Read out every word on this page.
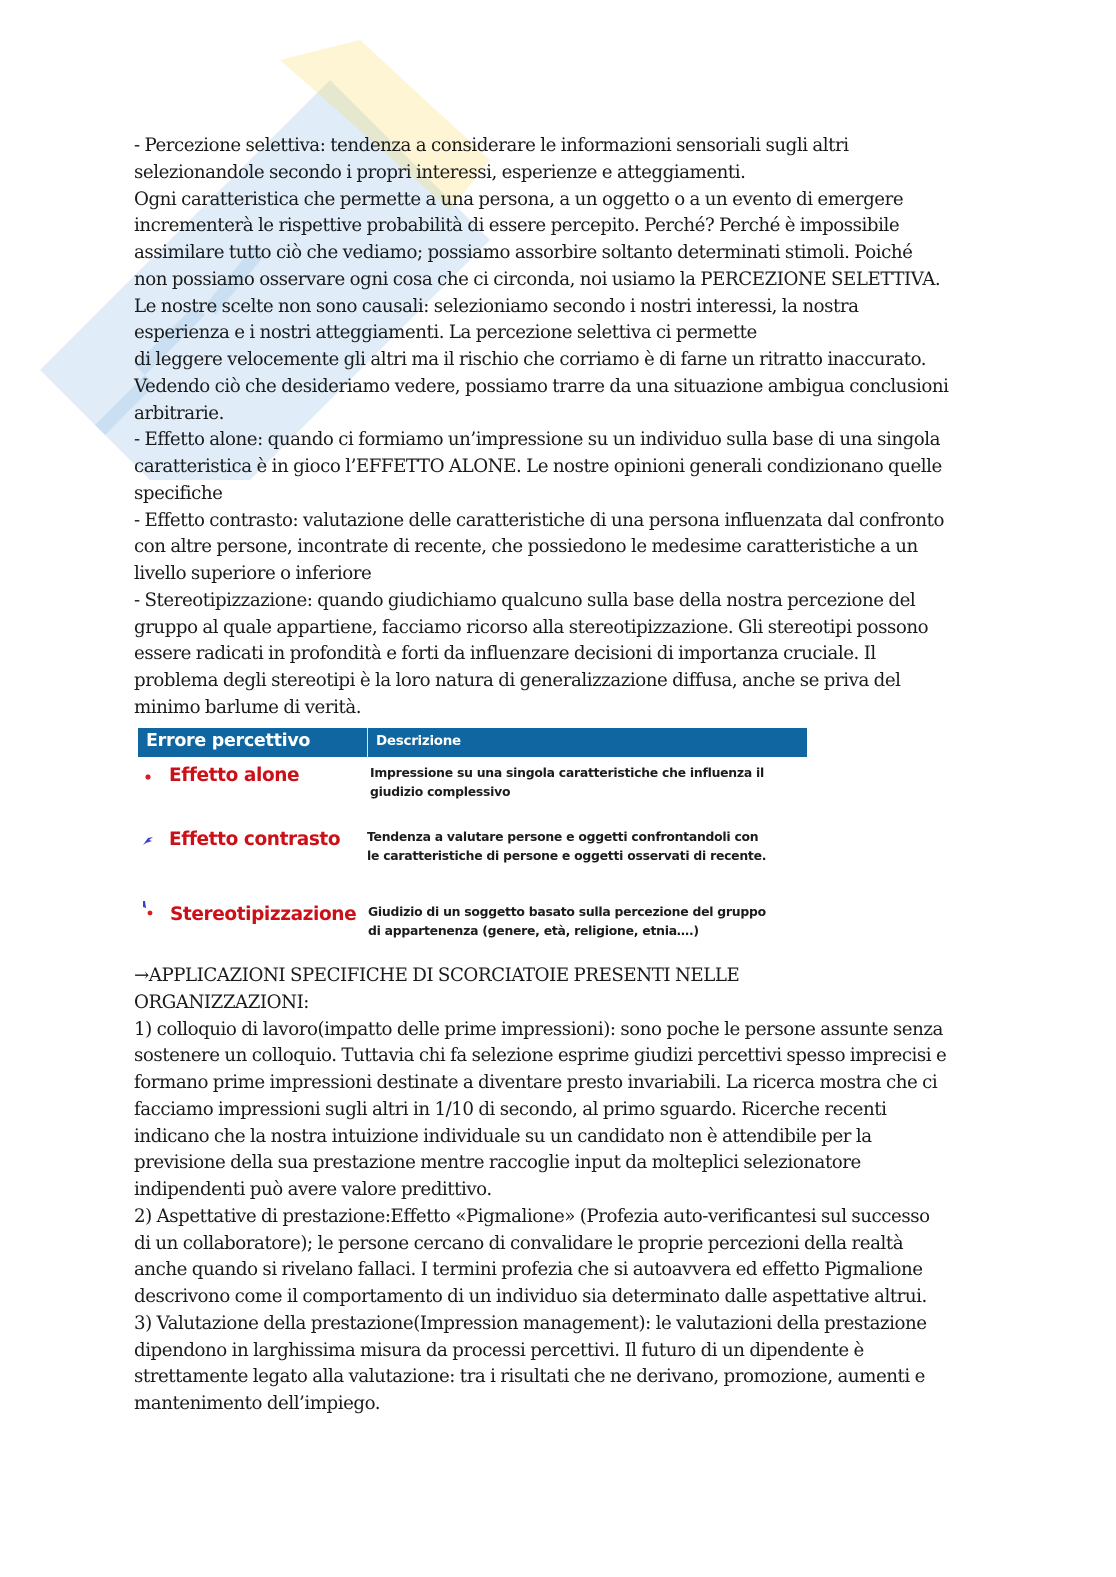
- Percezione selettiva: tendenza a considerare le informazioni sensoriali sugli altri
selezionandole secondo i propri interessi, esperienze e atteggiamenti.
Ogni caratteristica che permette a una persona, a un oggetto o a un evento di emergere
incrementerà le rispettive probabilità di essere percepito. Perché? Perché è impossibile
assimilare tutto ciò che vediamo; possiamo assorbire soltanto determinati stimoli. Poiché
non possiamo osservare ogni cosa che ci circonda, noi usiamo la PERCEZIONE SELETTIVA.
Le nostre scelte non sono causali: selezioniamo secondo i nostri interessi, la nostra
esperienza e i nostri atteggiamenti. La percezione selettiva ci permette
di leggere velocemente gli altri ma il rischio che corriamo è di farne un ritratto inaccurato.
Vedendo ciò che desideriamo vedere, possiamo trarre da una situazione ambigua conclusioni
arbitrarie.
- Effetto alone: quando ci formiamo un’impressione su un individuo sulla base di una singola
caratteristica è in gioco l’EFFETTO ALONE. Le nostre opinioni generali condizionano quelle
specifiche
- Effetto contrasto: valutazione delle caratteristiche di una persona influenzata dal confronto
con altre persone, incontrate di recente, che possiedono le medesime caratteristiche a un
livello superiore o inferiore
- Stereotipizzazione: quando giudichiamo qualcuno sulla base della nostra percezione del
gruppo al quale appartiene, facciamo ricorso alla stereotipizzazione. Gli stereotipi possono
essere radicati in profondità e forti da influenzare decisioni di importanza cruciale. Il
problema degli stereotipi è la loro natura di generalizzazione diffusa, anche se priva del
minimo barlume di verità.
Errore percettivo	Descrizione
Effetto alone	Impressione su una singola caratteristiche che influenza il
giudizio complessivo
Effetto contrasto Tendenza a valutare persone e oggetti confrontandoli con
le caratteristiche di persone e oggetti osservati di recente.
Stereotipizzazione Giudizio di un soggetto basato sulla percezione del gruppo
di appartenenza (genere, età, religione, etnia….)
→APPLICAZIONI SPECIFICHE DI SCORCIATOIE PRESENTI NELLE
ORGANIZZAZIONI:
1) colloquio di lavoro(impatto delle prime impressioni): sono poche le persone assunte senza
sostenere un colloquio. Tuttavia chi fa selezione esprime giudizi percettivi spesso imprecisi e
formano prime impressioni destinate a diventare presto invariabili. La ricerca mostra che ci
facciamo impressioni sugli altri in 1/10 di secondo, al primo sguardo. Ricerche recenti
indicano che la nostra intuizione individuale su un candidato non è attendibile per la
previsione della sua prestazione mentre raccoglie input da molteplici selezionatore
indipendenti può avere valore predittivo.
2) Aspettative di prestazione:Effetto «Pigmalione» (Profezia auto-verificantesi sul successo
di un collaboratore); le persone cercano di convalidare le proprie percezioni della realtà
anche quando si rivelano fallaci. I termini profezia che si autoavvera ed effetto Pigmalione
descrivono come il comportamento di un individuo sia determinato dalle aspettative altrui.
3) Valutazione della prestazione(Impression management): le valutazioni della prestazione
dipendono in larghissima misura da processi percettivi. Il futuro di un dipendente è
strettamente legato alla valutazione: tra i risultati che ne derivano, promozione, aumenti e
mantenimento dell’impiego.
